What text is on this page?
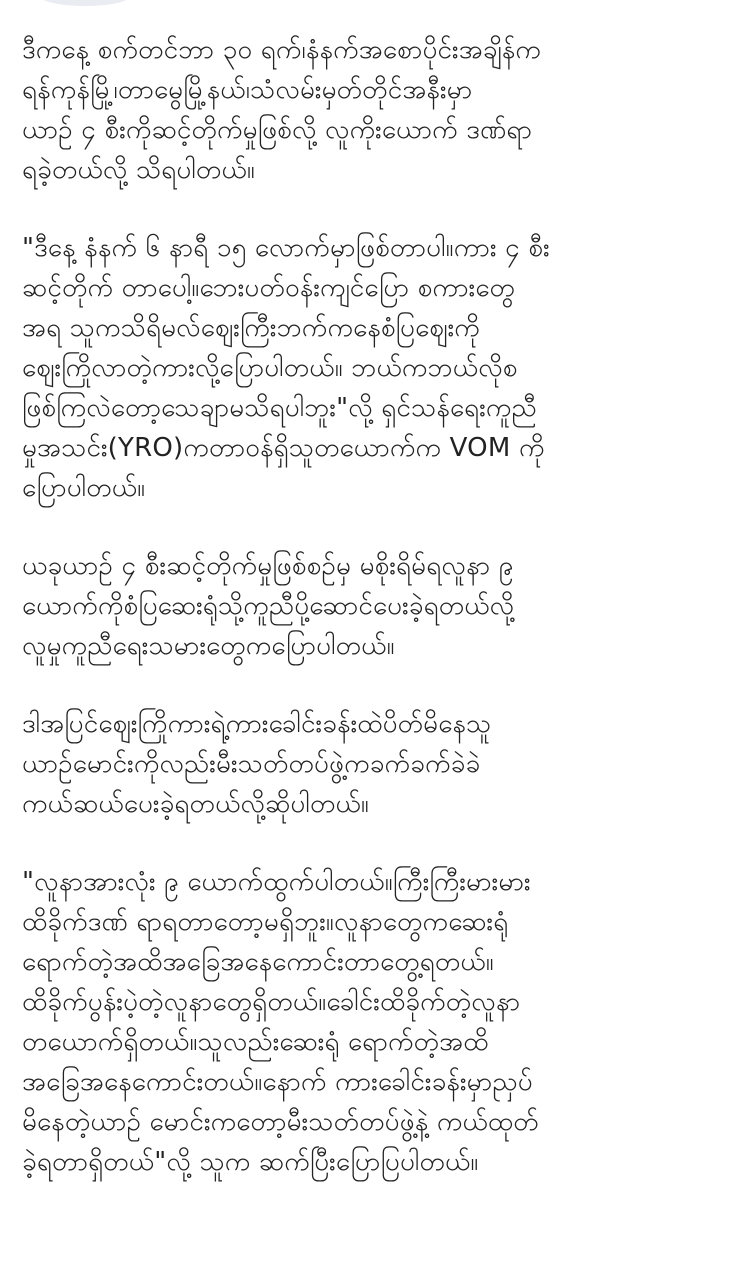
ဒီကနေ့ စက်တင်ဘာ ၃၀ ရက်၊နံနက်အစောပိုင်းအချိန်က
ရန်ကုန်မြို့၊တာမွေမြို့နယ်၊သံလမ်းမှတ်တိုင်အနီးမှာ
ယာဉ် ၄ စီးကိုဆင့်တိုက်မှုဖြစ်လို့ လူကိုးယောက် ဒဏ်ရာ
ရခဲ့တယ်လို့ သိရပါတယ်။

"ဒီနေ့ နံနက် ၆ နာရီ ၁၅ လောက်မှာဖြစ်တာပါ။ကား ၄ စီး
ဆင့်တိုက် တာပေါ့။ဘေးပတ်ဝန်းကျင်ပြော စကားတွေ
အရ သူကသိရိမလ်ဈေးကြီးဘက်ကနေစံပြဈေးကို
ဈေးကြိုလာတဲ့ကားလို့ပြောပါတယ်။ ဘယ်ကဘယ်လိုစ
ဖြစ်ကြလဲတော့သေချာမသိရပါဘူး"လို့ ရှင်သန်ရေးကူညီ
မှုအသင်း(YRO)ကတာဝန်ရှိသူတယောက်က VOM ကို
ပြောပါတယ်။

ယခုယာဉ် ၄ စီးဆင့်တိုက်မှုဖြစ်စဉ်မှ မစိုးရိမ်ရလူနာ ၉
ယောက်ကိုစံပြဆေးရုံသို့ကူညီပို့ဆောင်ပေးခဲ့ရတယ်လို့
လူမှုကူညီရေးသမားတွေကပြောပါတယ်။

ဒါအပြင်ဈေးကြိုကားရဲ့ကားခေါင်းခန်းထဲပိတ်မိနေသူ
ယာဉ်မောင်းကိုလည်းမီးသတ်တပ်ဖွဲ့ကခက်ခက်ခဲခဲ
ကယ်ဆယ်ပေးခဲ့ရတယ်လို့ဆိုပါတယ်။

"လူနာအားလုံး ၉ ယောက်ထွက်ပါတယ်။ကြီးကြီးမားမား
ထိခိုက်ဒဏ် ရာရတာတော့မရှိဘူး။လူနာတွေကဆေးရုံ
ရောက်တဲ့အထိအခြေအနေကောင်းတာတွေ့ရတယ်။
ထိခိုက်ပွန်းပဲ့တဲ့လူနာတွေရှိတယ်။ခေါင်းထိခိုက်တဲ့လူနာ
တယောက်ရှိတယ်။သူလည်းဆေးရုံ ရောက်တဲ့အထိ
အခြေအနေကောင်းတယ်။နောက် ကားခေါင်းခန်းမှာညှပ်
မိနေတဲ့ယာဉ် မောင်းကတော့မီးသတ်တပ်ဖွဲ့နဲ့ ကယ်ထုတ်
ခဲ့ရတာရှိတယ်"လို့ သူက ဆက်ပြီးပြောပြပါတယ်။
